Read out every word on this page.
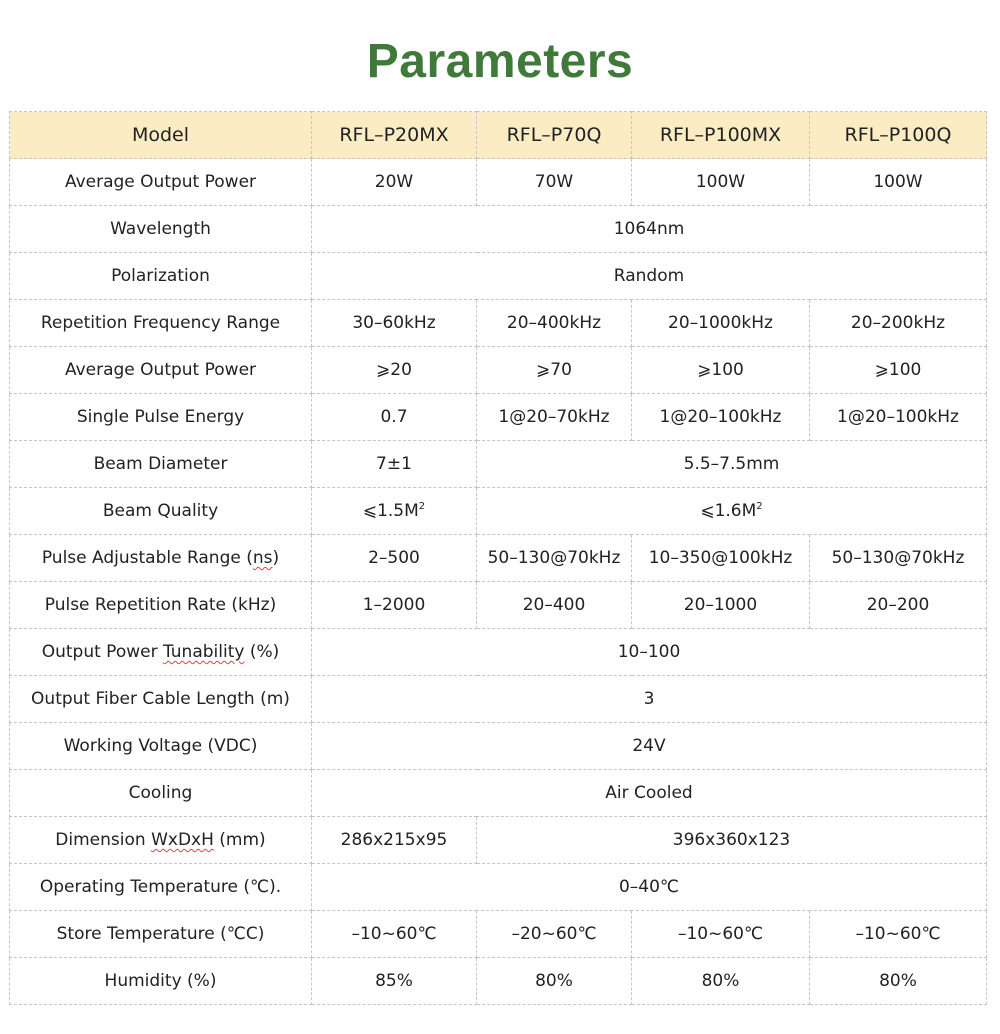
Parameters
Model	RFL–P20MX	RFL–P70Q	RFL–P100MX	RFL–P100Q
Average Output Power	20W	70W	100W	100W
Wavelength	1064nm			
Polarization	Random			
Repetition Frequency Range	30–60kHz	20–400kHz	20–1000kHz	20–200kHz
Average Output Power	⩾20	⩾70	⩾100	⩾100
Single Pulse Energy	0.7	1@20–70kHz	1@20–100kHz	1@20–100kHz
Beam Diameter	7±1	5.5–7.5mm		
Beam Quality	$⩽1.5M^2$	$⩽1.6M^2$
Pulse Adjustable Range (ns)	2–500	50–130@70kHz	10–350@100kHz	50–130@70kHz
Pulse Repetition Rate (kHz)	1–2000	20–400	20–1000	20–200
Output Power Tunability (%)	10–100			
Output Fiber Cable Length (m)	3			
Working Voltage (VDC)	24V			
Cooling	Air Cooled			
Dimension WxDxH (mm)	286x215x95	396x360x123		
Operating Temperature (℃).	0–40℃			
Store Temperature (℃C)	–10~60℃	–20~60℃	–10~60℃	–10~60℃
Humidity (%)	85%	80%	80%	80%
